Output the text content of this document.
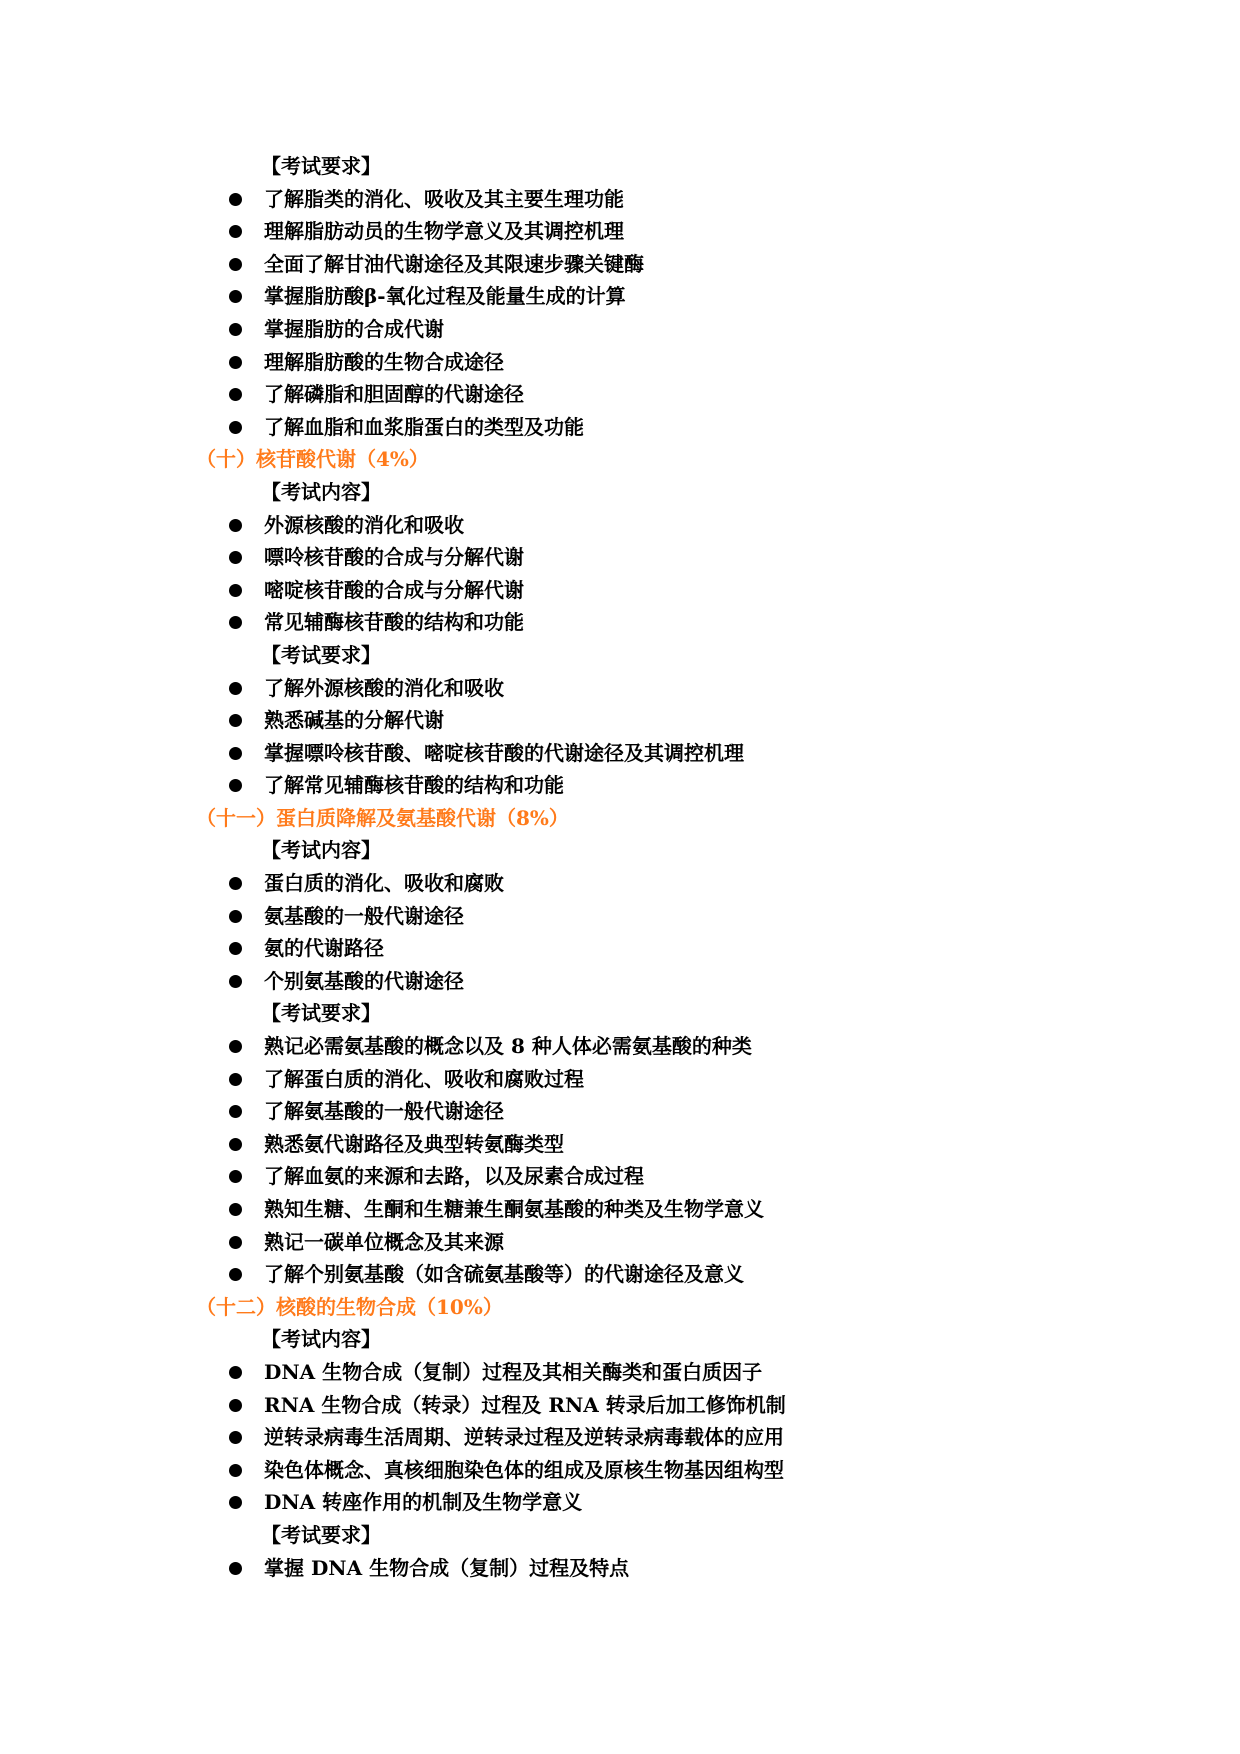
【考试要求】
了解脂类的消化、吸收及其主要生理功能
理解脂肪动员的生物学意义及其调控机理
全面了解甘油代谢途径及其限速步骤关键酶
掌握脂肪酸β-氧化过程及能量生成的计算
掌握脂肪的合成代谢
理解脂肪酸的生物合成途径
了解磷脂和胆固醇的代谢途径
了解血脂和血浆脂蛋白的类型及功能
（十）核苷酸代谢（4%）
【考试内容】
外源核酸的消化和吸收
嘌呤核苷酸的合成与分解代谢
嘧啶核苷酸的合成与分解代谢
常见辅酶核苷酸的结构和功能
【考试要求】
了解外源核酸的消化和吸收
熟悉碱基的分解代谢
掌握嘌呤核苷酸、嘧啶核苷酸的代谢途径及其调控机理
了解常见辅酶核苷酸的结构和功能
（十一）蛋白质降解及氨基酸代谢（8%）
【考试内容】
蛋白质的消化、吸收和腐败
氨基酸的一般代谢途径
氨的代谢路径
个别氨基酸的代谢途径
【考试要求】
熟记必需氨基酸的概念以及 8 种人体必需氨基酸的种类
了解蛋白质的消化、吸收和腐败过程
了解氨基酸的一般代谢途径
熟悉氨代谢路径及典型转氨酶类型
了解血氨的来源和去路，以及尿素合成过程
熟知生糖、生酮和生糖兼生酮氨基酸的种类及生物学意义
熟记一碳单位概念及其来源
了解个别氨基酸（如含硫氨基酸等）的代谢途径及意义
（十二）核酸的生物合成（10%）
【考试内容】
DNA 生物合成（复制）过程及其相关酶类和蛋白质因子
RNA 生物合成（转录）过程及 RNA 转录后加工修饰机制
逆转录病毒生活周期、逆转录过程及逆转录病毒载体的应用
染色体概念、真核细胞染色体的组成及原核生物基因组构型
DNA 转座作用的机制及生物学意义
【考试要求】
掌握 DNA 生物合成（复制）过程及特点
